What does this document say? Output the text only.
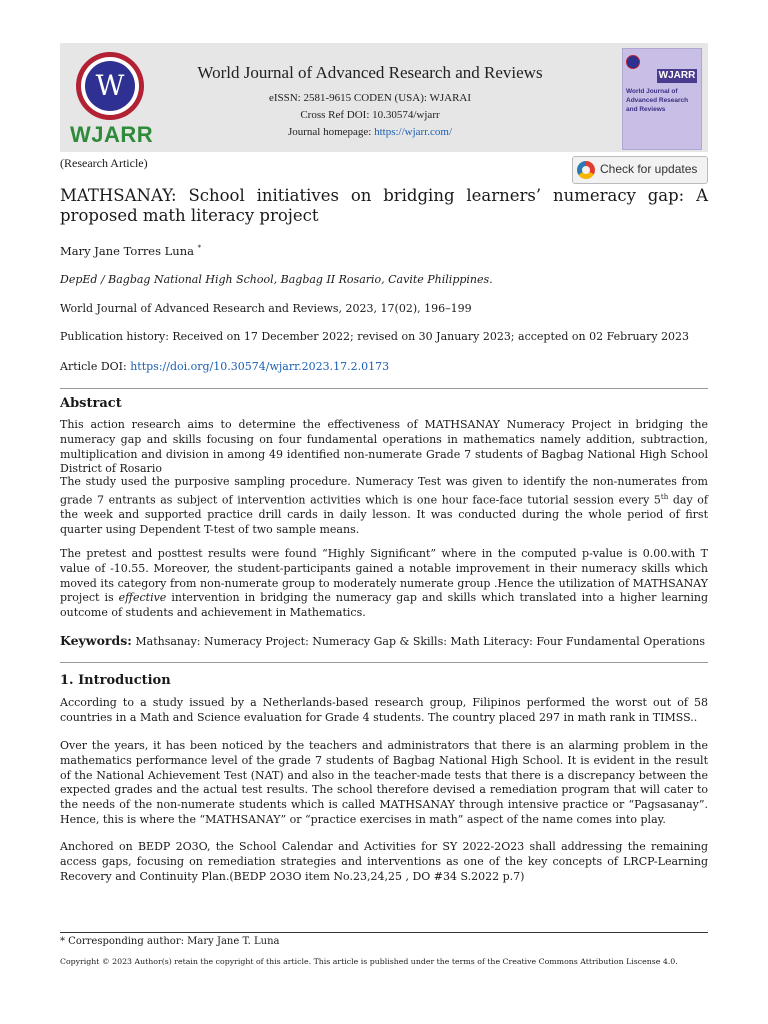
W
WJARR
World Journal of Advanced Research and Reviews
eISSN: 2581-9615 CODEN (USA): WJARAI
Cross Ref DOI: 10.30574/wjarr
Journal homepage: https://wjarr.com/
WJARR
World Journal of Advanced Research and Reviews
(Research Article)	Check for updates
MATHSANAY: School initiatives on bridging learners’ numeracy gap: A proposed math literacy project
Mary Jane Torres Luna *
DepEd / Bagbag National High School, Bagbag II Rosario, Cavite Philippines.
World Journal of Advanced Research and Reviews, 2023, 17(02), 196–199
Publication history: Received on 17 December 2022; revised on 30 January 2023; accepted on 02 February 2023
Article DOI: https://doi.org/10.30574/wjarr.2023.17.2.0173
Abstract
This action research aims to determine the effectiveness of MATHSANAY Numeracy Project in bridging the numeracy gap and skills focusing on four fundamental operations in mathematics namely addition, subtraction, multiplication and division in among 49 identified non-numerate Grade 7 students of Bagbag National High School District of Rosario
The study used the purposive sampling procedure. Numeracy Test was given to identify the non-numerates from grade 7 entrants as subject of intervention activities which is one hour face-face tutorial session every 5th day of the week and supported practice drill cards in daily lesson. It was conducted during the whole period of first quarter using Dependent T-test of two sample means.
The pretest and posttest results were found “Highly Significant” where in the computed p-value is 0.00.with T value of -10.55. Moreover, the student-participants gained a notable improvement in their numeracy skills which moved its category from non-numerate group to moderately numerate group .Hence the utilization of MATHSANAY project is effective intervention in bridging the numeracy gap and skills which translated into a higher learning outcome of students and achievement in Mathematics.
Keywords: Mathsanay: Numeracy Project: Numeracy Gap & Skills: Math Literacy: Four Fundamental Operations
1. Introduction
According to a study issued by a Netherlands-based research group, Filipinos performed the worst out of 58 countries in a Math and Science evaluation for Grade 4 students. The country placed 297 in math rank in TIMSS..
Over the years, it has been noticed by the teachers and administrators that there is an alarming problem in the mathematics performance level of the grade 7 students of Bagbag National High School. It is evident in the result of the National Achievement Test (NAT) and also in the teacher-made tests that there is a discrepancy between the expected grades and the actual test results. The school therefore devised a remediation program that will cater to the needs of the non-numerate students which is called MATHSANAY through intensive practice or “Pagsasanay”. Hence, this is where the “MATHSANAY” or “practice exercises in math” aspect of the name comes into play.
Anchored on BEDP 2O3O, the School Calendar and Activities for SY 2022-2O23 shall addressing the remaining access gaps, focusing on remediation strategies and interventions as one of the key concepts of LRCP-Learning Recovery and Continuity Plan.(BEDP 2O3O item No.23,24,25 , DO #34 S.2022 p.7)
* Corresponding author: Mary Jane T. Luna
Copyright © 2023 Author(s) retain the copyright of this article. This article is published under the terms of the Creative Commons Attribution Liscense 4.0.
